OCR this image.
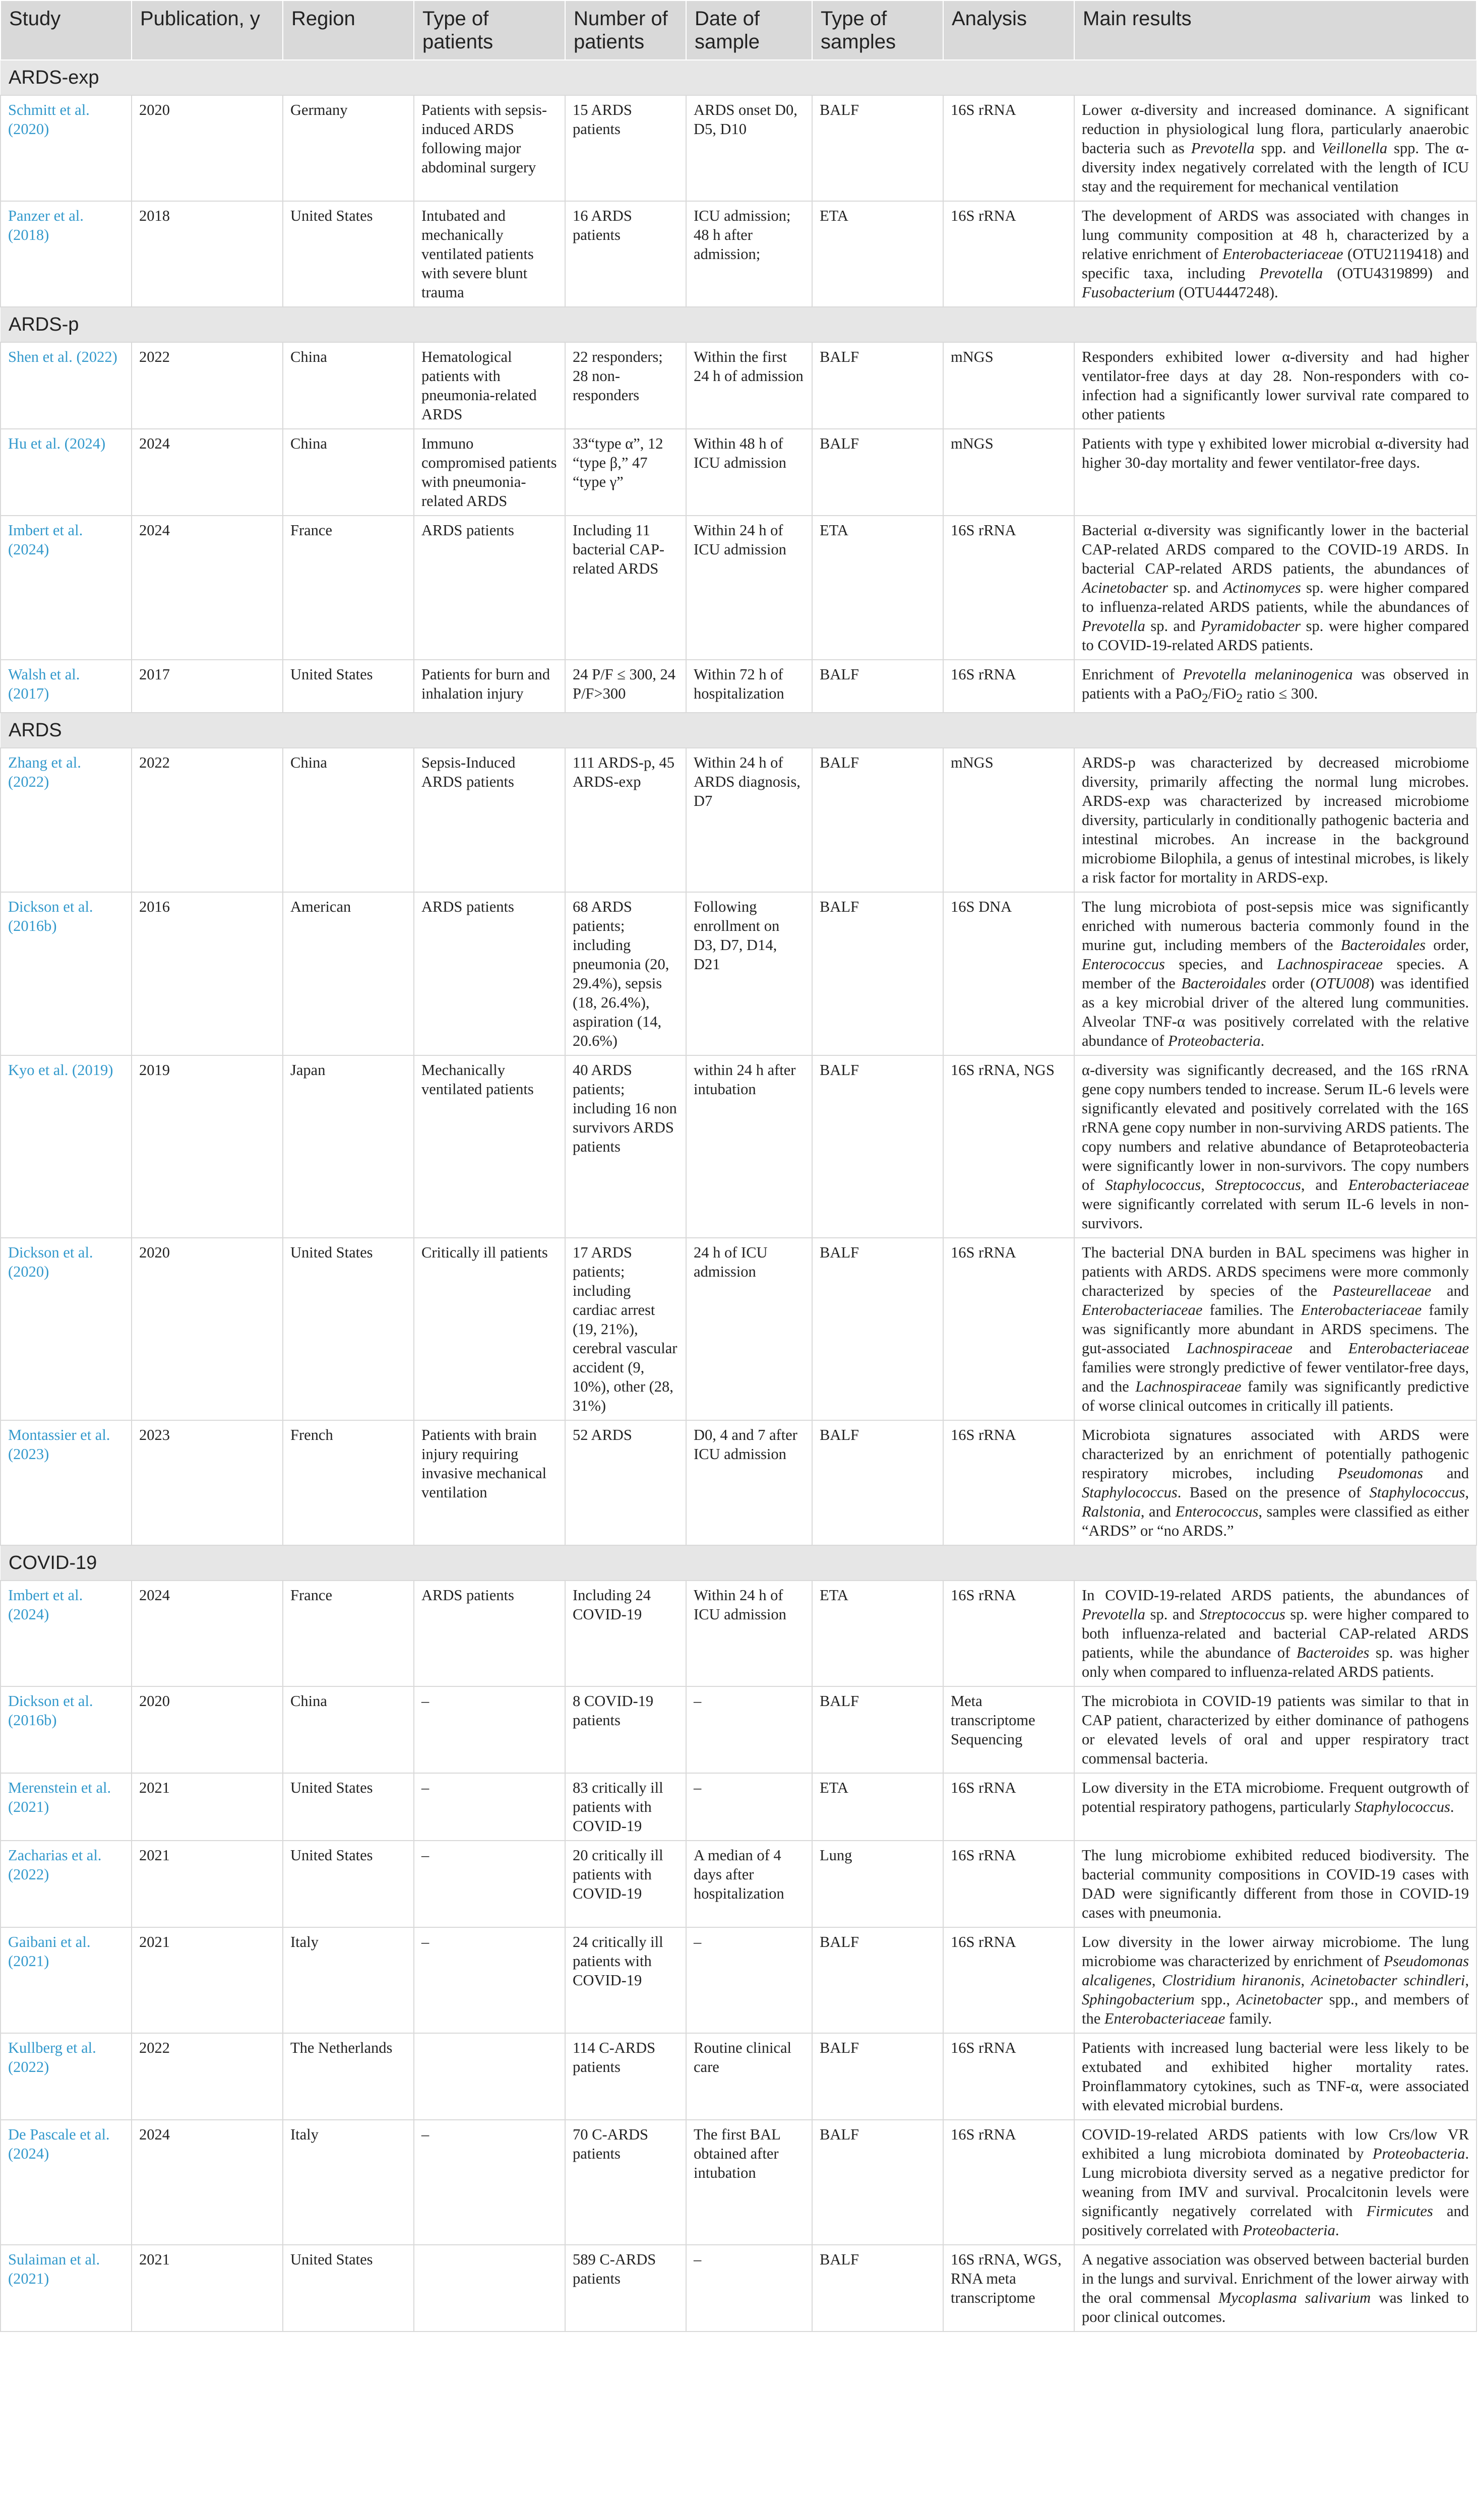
Study	Publication, y	Region	Type of patients	Number of patients	Date of sample	Type of samples	Analysis	Main results
ARDS-exp								
Schmitt et al. (2020)	2020	Germany	Patients with sepsis-induced ARDS following major abdominal surgery	15 ARDS patients	ARDS onset D0, D5, D10	BALF	16S rRNA	Lower α-diversity and increased dominance. A significant reduction in physiological lung flora, particularly anaerobic bacteria such as Prevotella spp. and Veillonella spp. The α-diversity index negatively correlated with the length of ICU stay and the requirement for mechanical ventilation
Panzer et al. (2018)	2018	United States	Intubated and mechanically ventilated patients with severe blunt trauma	16 ARDS patients	ICU admission; 48 h after admission;	ETA	16S rRNA	The development of ARDS was associated with changes in lung community composition at 48 h, characterized by a relative enrichment of Enterobacteriaceae (OTU2119418) and specific taxa, including Prevotella (OTU4319899) and Fusobacterium (OTU4447248).
ARDS-p								
Shen et al. (2022)	2022	China	Hematological patients with pneumonia-related ARDS	22 responders; 28 non-responders	Within the first 24 h of admission	BALF	mNGS	Responders exhibited lower α-diversity and had higher ventilator-free days at day 28. Non-responders with co-infection had a significantly lower survival rate compared to other patients
Hu et al. (2024)	2024	China	Immuno compromised patients with pneumonia-related ARDS	33“type α”, 12 “type β,” 47 “type γ”	Within 48 h of ICU admission	BALF	mNGS	Patients with type γ exhibited lower microbial α-diversity had higher 30-day mortality and fewer ventilator-free days.
Imbert et al. (2024)	2024	France	ARDS patients	Including 11 bacterial CAP-related ARDS	Within 24 h of ICU admission	ETA	16S rRNA	Bacterial α-diversity was significantly lower in the bacterial CAP-related ARDS compared to the COVID-19 ARDS. In bacterial CAP-related ARDS patients, the abundances of Acinetobacter sp. and Actinomyces sp. were higher compared to influenza-related ARDS patients, while the abundances of Prevotella sp. and Pyramidobacter sp. were higher compared to COVID-19-related ARDS patients.
Walsh et al. (2017)	2017	United States	Patients for burn and inhalation injury	24 P/F ≤ 300, 24 P/F>300	Within 72 h of hospitalization	BALF	16S rRNA	Enrichment of Prevotella melaninogenica was observed in patients with a PaO$_2$/FiO$_2$ ratio ≤ 300.
ARDS								
Zhang et al. (2022)	2022	China	Sepsis-Induced ARDS patients	111 ARDS-p, 45 ARDS-exp	Within 24 h of ARDS diagnosis, D7	BALF	mNGS	ARDS-p was characterized by decreased microbiome diversity, primarily affecting the normal lung microbes. ARDS-exp was characterized by increased microbiome diversity, particularly in conditionally pathogenic bacteria and intestinal microbes. An increase in the background microbiome Bilophila, a genus of intestinal microbes, is likely a risk factor for mortality in ARDS-exp.
Dickson et al. (2016b)	2016	American	ARDS patients	68 ARDS patients; including pneumonia (20, 29.4%), sepsis (18, 26.4%), aspiration (14, 20.6%)	Following enrollment on D3, D7, D14, D21	BALF	16S DNA	The lung microbiota of post-sepsis mice was significantly enriched with numerous bacteria commonly found in the murine gut, including members of the Bacteroidales order, Enterococcus species, and Lachnospiraceae species. A member of the Bacteroidales order (OTU008) was identified as a key microbial driver of the altered lung communities. Alveolar TNF-α was positively correlated with the relative abundance of Proteobacteria.
Kyo et al. (2019)	2019	Japan	Mechanically ventilated patients	40 ARDS patients; including 16 non survivors ARDS patients	within 24 h after intubation	BALF	16S rRNA, NGS	α-diversity was significantly decreased, and the 16S rRNA gene copy numbers tended to increase. Serum IL-6 levels were significantly elevated and positively correlated with the 16S rRNA gene copy number in non-surviving ARDS patients. The copy numbers and relative abundance of Betaproteobacteria were significantly lower in non-survivors. The copy numbers of Staphylococcus, Streptococcus, and Enterobacteriaceae were significantly correlated with serum IL-6 levels in non-survivors.
Dickson et al. (2020)	2020	United States	Critically ill patients	17 ARDS patients; including cardiac arrest (19, 21%), cerebral vascular accident (9, 10%), other (28, 31%)	24 h of ICU admission	BALF	16S rRNA	The bacterial DNA burden in BAL specimens was higher in patients with ARDS. ARDS specimens were more commonly characterized by species of the Pasteurellaceae and Enterobacteriaceae families. The Enterobacteriaceae family was significantly more abundant in ARDS specimens. The gut-associated Lachnospiraceae and Enterobacteriaceae families were strongly predictive of fewer ventilator-free days, and the Lachnospiraceae family was significantly predictive of worse clinical outcomes in critically ill patients.
Montassier et al. (2023)	2023	French	Patients with brain injury requiring invasive mechanical ventilation	52 ARDS	D0, 4 and 7 after ICU admission	BALF	16S rRNA	Microbiota signatures associated with ARDS were characterized by an enrichment of potentially pathogenic respiratory microbes, including Pseudomonas and Staphylococcus. Based on the presence of Staphylococcus, Ralstonia, and Enterococcus, samples were classified as either “ARDS” or “no ARDS.”
COVID-19								
Imbert et al. (2024)	2024	France	ARDS patients	Including 24 COVID-19	Within 24 h of ICU admission	ETA	16S rRNA	In COVID-19-related ARDS patients, the abundances of Prevotella sp. and Streptococcus sp. were higher compared to both influenza-related and bacterial CAP-related ARDS patients, while the abundance of Bacteroides sp. was higher only when compared to influenza-related ARDS patients.
Dickson et al. (2016b)	2020	China	–	8 COVID-19 patients	–	BALF	Meta transcriptome Sequencing	The microbiota in COVID-19 patients was similar to that in CAP patient, characterized by either dominance of pathogens or elevated levels of oral and upper respiratory tract commensal bacteria.
Merenstein et al. (2021)	2021	United States	–	83 critically ill patients with COVID-19	–	ETA	16S rRNA	Low diversity in the ETA microbiome. Frequent outgrowth of potential respiratory pathogens, particularly Staphylococcus.
Zacharias et al. (2022)	2021	United States	–	20 critically ill patients with COVID-19	A median of 4 days after hospitalization	Lung	16S rRNA	The lung microbiome exhibited reduced biodiversity. The bacterial community compositions in COVID-19 cases with DAD were significantly different from those in COVID-19 cases with pneumonia.
Gaibani et al. (2021)	2021	Italy	–	24 critically ill patients with COVID-19	–	BALF	16S rRNA	Low diversity in the lower airway microbiome. The lung microbiome was characterized by enrichment of Pseudomonas alcaligenes, Clostridium hiranonis, Acinetobacter schindleri, Sphingobacterium spp., Acinetobacter spp., and members of the Enterobacteriaceae family.
Kullberg et al. (2022)	2022	The Netherlands		114 C-ARDS patients	Routine clinical care	BALF	16S rRNA	Patients with increased lung bacterial were less likely to be extubated and exhibited higher mortality rates. Proinflammatory cytokines, such as TNF-α, were associated with elevated microbial burdens.
De Pascale et al. (2024)	2024	Italy	–	70 C-ARDS patients	The first BAL obtained after intubation	BALF	16S rRNA	COVID-19-related ARDS patients with low Crs/low VR exhibited a lung microbiota dominated by Proteobacteria. Lung microbiota diversity served as a negative predictor for weaning from IMV and survival. Procalcitonin levels were significantly negatively correlated with Firmicutes and positively correlated with Proteobacteria.
Sulaiman et al. (2021)	2021	United States		589 C-ARDS patients	–	BALF	16S rRNA, WGS, RNA meta transcriptome	A negative association was observed between bacterial burden in the lungs and survival. Enrichment of the lower airway with the oral commensal Mycoplasma salivarium was linked to poor clinical outcomes.
